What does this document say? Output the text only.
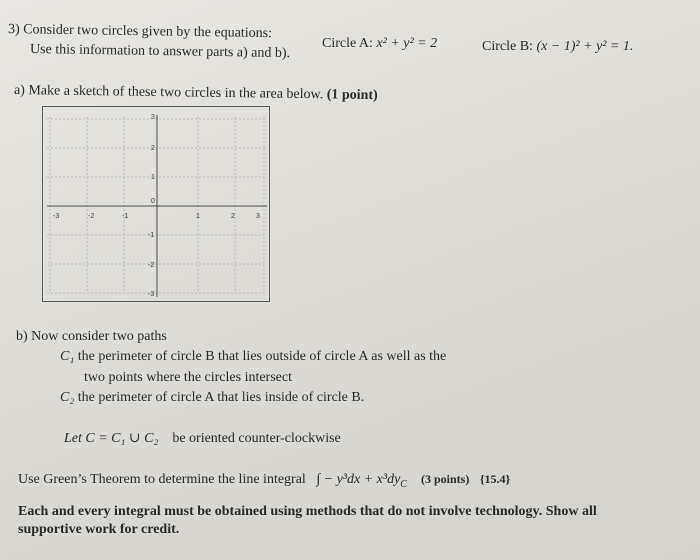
3) Consider two circles given by the equations:
Circle A: x² + y² = 2	Circle B: (x − 1)² + y² = 1.
Use this information to answer parts a) and b).
a) Make a sketch of these two circles in the area below. (1 point)
-3	-2	-1	1	2	3
3
2
1
0
-1
-2
-3
b) Now consider two paths
C₁ the perimeter of circle B that lies outside of circle A as well as the
two points where the circles intersect
C₂ the perimeter of circle A that lies inside of circle B.
Let C = C₁ ∪ C₂ be oriented counter-clockwise
Use Green’s Theorem to determine the line integral ∫ − $y^3dx + x^3dy_C$ (3 points) {15.4}
Each and every integral must be obtained using methods that do not involve technology. Show all
supportive work for credit.
